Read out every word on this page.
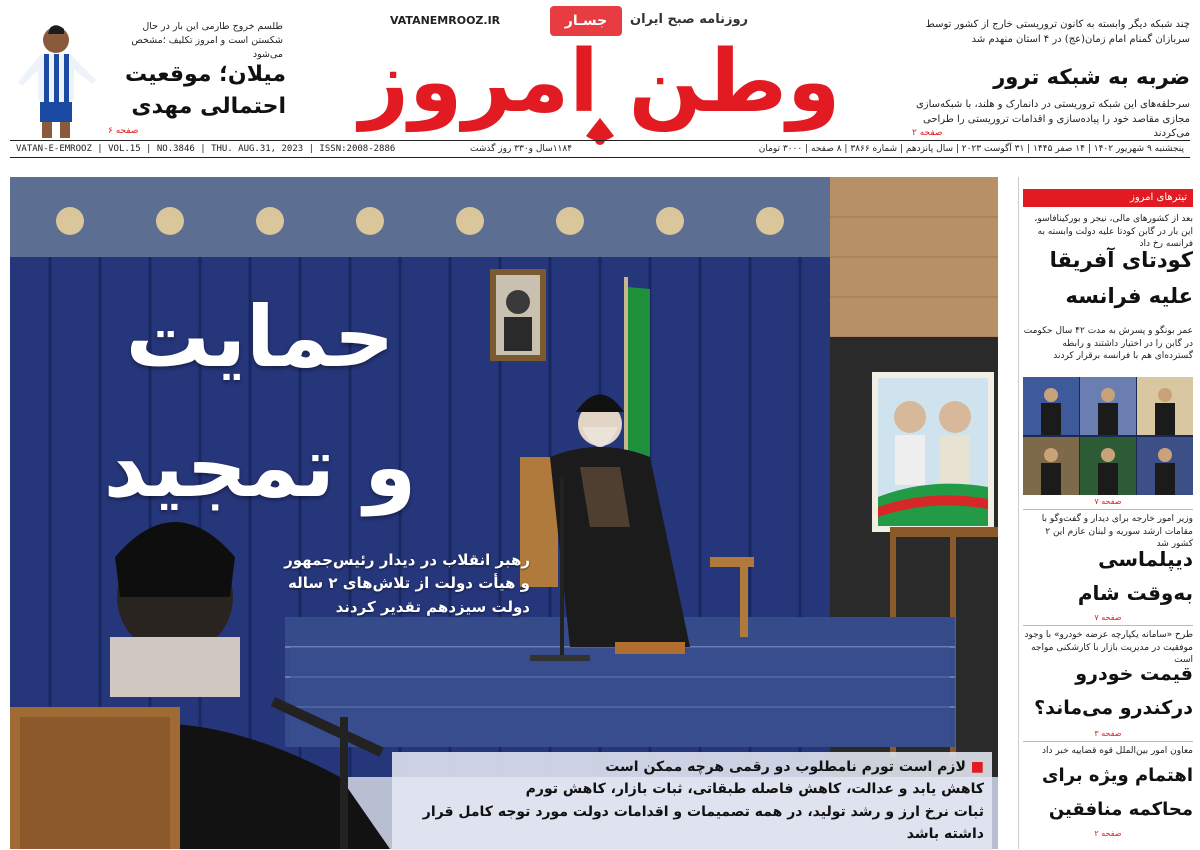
طلسم خروج طارمی این بار در حال شکستن است و امروز تکلیف ؛مشخص می‌شود
میلان؛ موقعیت
احتمالی مهدی
صفحه ۶
VATANEMROOZ.IR	جسـار	روزنامه صبح ایران
وطن امروز
چند شبکه دیگر وابسته به کانون تروریستی خارج از کشور توسط سربازان گمنام امام زمان(عج) در ۴ استان منهدم شد
ضربه به شبکه ترور
سرحلقه‌های این شبکه تروریستی در دانمارک و هلند، با شبکه‌سازی مجازی مقاصد خود را پیاده‌سازی و اقدامات تروریستی را طراحی می‌کردند
صفحه ۲
VATAN-E-EMROOZ | VOL.15 | NO.3846 | THU. AUG.31, 2023 | ISSN:2008-2886	۱۱۸۴سال و۳۳۰ روز گذشت	پنجشنبه ۹ شهریور ۱۴۰۲ | ۱۴ صفر ۱۴۴۵ | ۳۱ آگوست ۲۰۲۳ | سال پانزدهم | شماره ۳۸۶۶ | ۸ صفحه | ۳۰۰۰ تومان
حمایت
و تمجید
رهبر انقلاب در دیدار رئیس‌جمهور و هیأت دولت از تلاش‌های ۲ ساله دولت سیزدهم تقدیر کردند
■ لازم است تورم نامطلوب دو رقمی هرچه ممکن است
کاهش یابد و عدالت، کاهش فاصله طبقاتی، ثبات بازار، کاهش تورم
ثبات نرخ ارز و رشد تولید، در همه تصمیمات و اقدامات دولت مورد توجه کامل قرار داشته باشد
تیترهای امروز
بعد از کشورهای مالی، نیجر و بورکینافاسو، این بار در گابن کودتا علیه دولت وابسته به فرانسه رخ داد
کودتای آفریقا
علیه فرانسه
عمر بونگو و پسرش به مدت ۴۲ سال حکومت در گابن را در اختیار داشتند و رابطه گسترده‌ای هم با فرانسه برقرار کردند
صفحه ۷
وزیر امور خارجه برای دیدار و گفت‌وگو با مقامات ارشد سوریه و لبنان عازم این ۲ کشور شد
دیپلماسی
به‌وقت شام
صفحه ۷
طرح «سامانه یکپارچه عرضه خودرو» با وجود موفقیت در مدیریت بازار با کارشکنی مواجه است
قیمت خودرو
درکندرو می‌ماند؟
صفحه ۳
معاون امور بین‌الملل قوه قضاییه خبر داد
اهتمام ویژه برای
محاکمه منافقین
صفحه ۲
